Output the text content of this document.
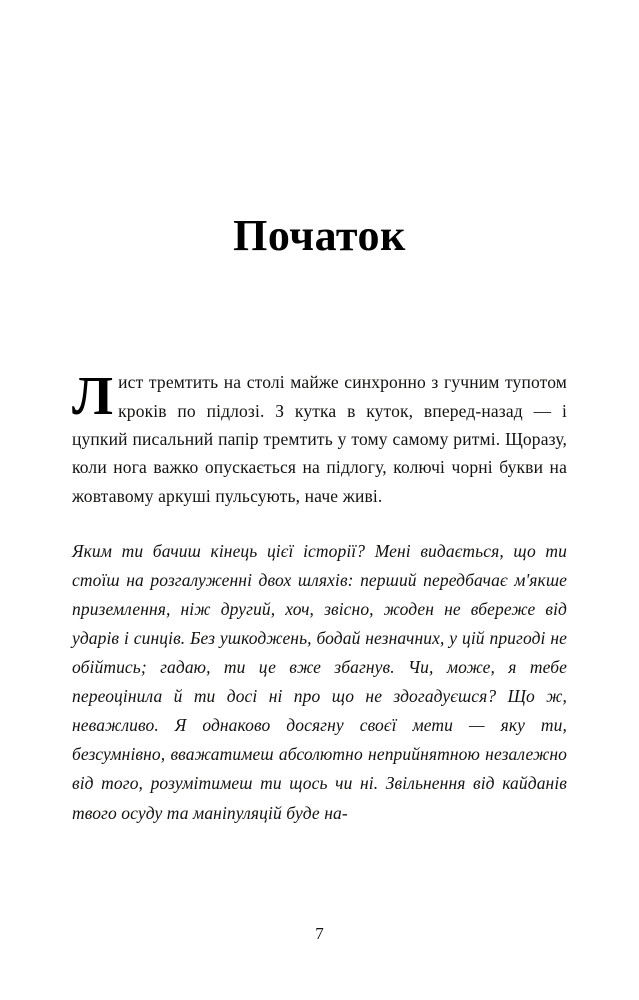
Початок

Лист тремтить на столі майже синхронно з гучним тупотом кроків по підлозі. З кутка в куток, вперед-назад — і цупкий писальний папір тремтить у тому самому ритмі. Щоразу, коли нога важко опускається на підлогу, колючі чорні букви на жовтавому аркуші пульсують, наче живі.

Яким ти бачиш кінець цієї історії? Мені видається, що ти стоїш на розгалуженні двох шляхів: перший передбачає м'якше приземлення, ніж другий, хоч, звісно, жоден не вбереже від ударів і синців. Без ушкоджень, бодай незначних, у цій пригоді не обійтись; гадаю, ти це вже збагнув. Чи, може, я тебе переоцінила й ти досі ні про що не здогадуєшся? Що ж, неважливо. Я однаково досягну своєї мети — яку ти, безсумнівно, вважатимеш абсолютно неприйнятною незалежно від того, розумітимеш ти щось чи ні. Звільнення від кайданів твого осуду та маніпуляцій буде на-

7
